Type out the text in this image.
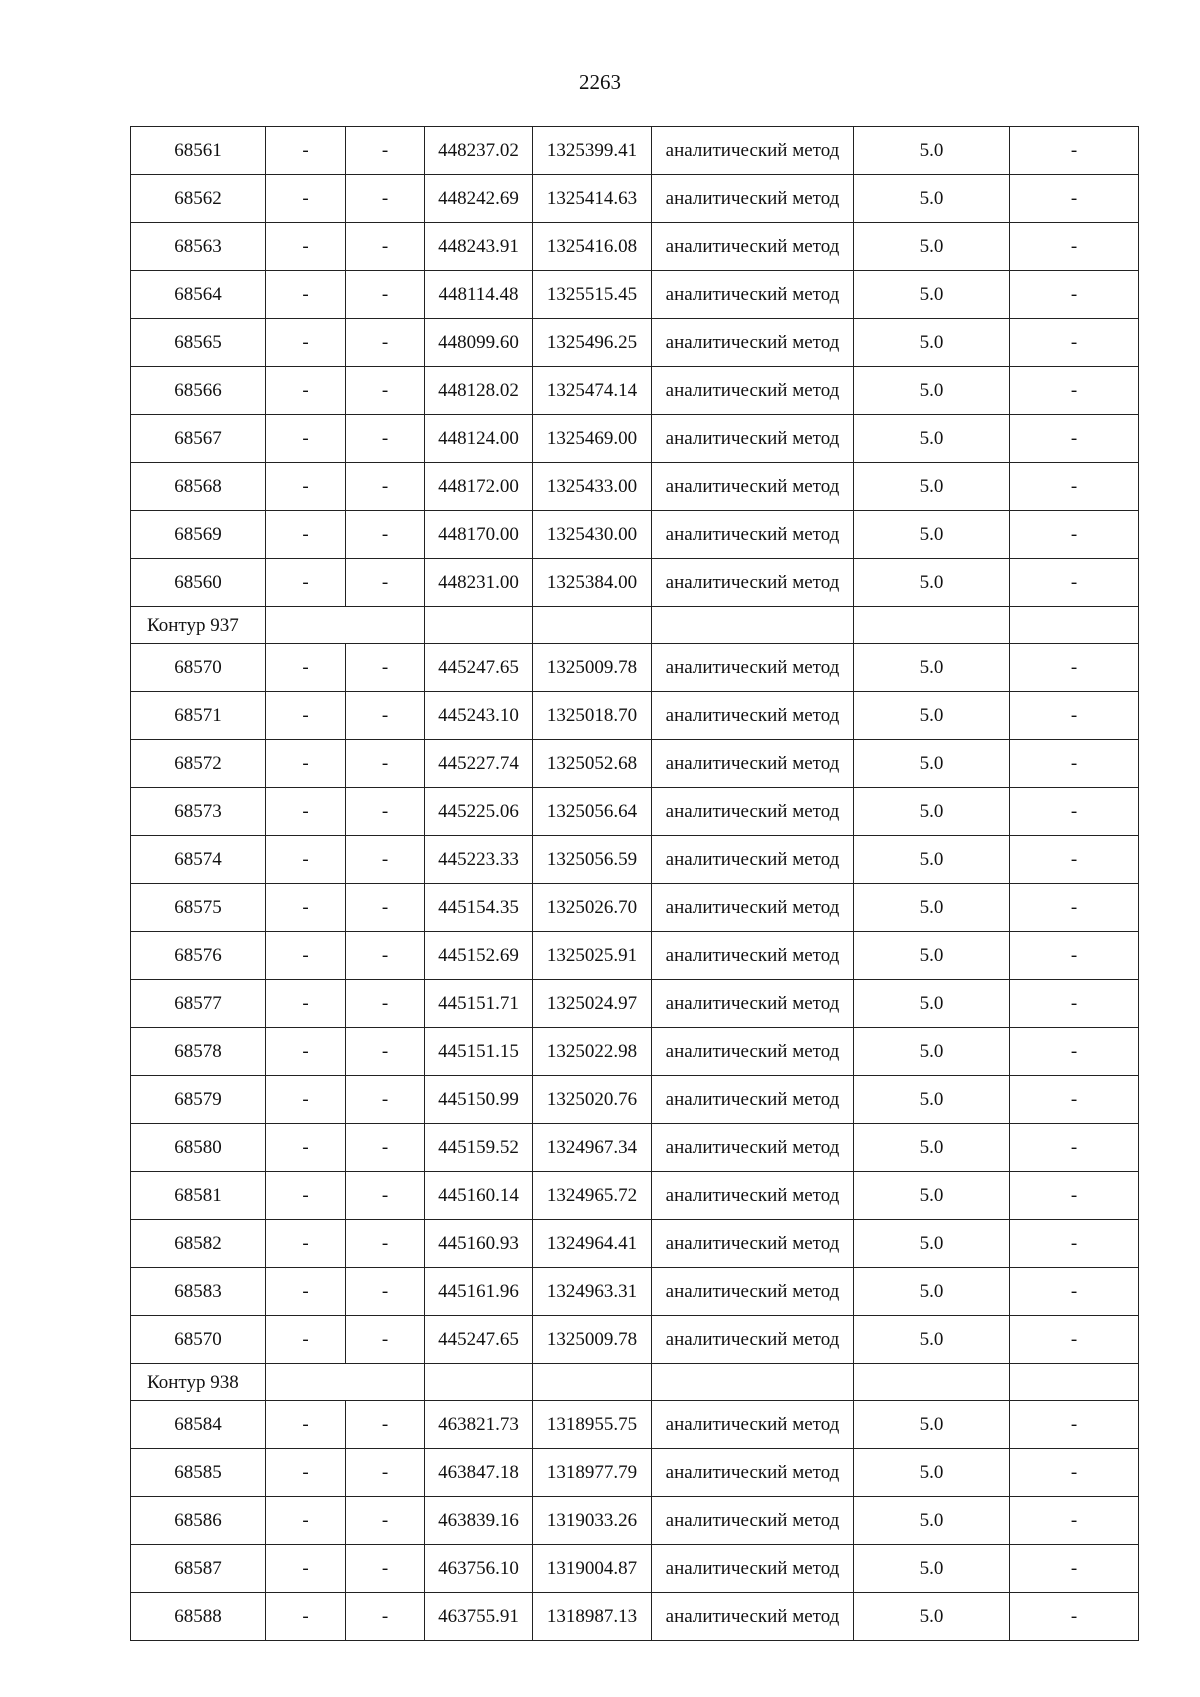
2263
68561	-	-	448237.02	1325399.41	аналитический метод	5.0	-
68562	-	-	448242.69	1325414.63	аналитический метод	5.0	-
68563	-	-	448243.91	1325416.08	аналитический метод	5.0	-
68564	-	-	448114.48	1325515.45	аналитический метод	5.0	-
68565	-	-	448099.60	1325496.25	аналитический метод	5.0	-
68566	-	-	448128.02	1325474.14	аналитический метод	5.0	-
68567	-	-	448124.00	1325469.00	аналитический метод	5.0	-
68568	-	-	448172.00	1325433.00	аналитический метод	5.0	-
68569	-	-	448170.00	1325430.00	аналитический метод	5.0	-
68560	-	-	448231.00	1325384.00	аналитический метод	5.0	-
Контур 937							
68570	-	-	445247.65	1325009.78	аналитический метод	5.0	-
68571	-	-	445243.10	1325018.70	аналитический метод	5.0	-
68572	-	-	445227.74	1325052.68	аналитический метод	5.0	-
68573	-	-	445225.06	1325056.64	аналитический метод	5.0	-
68574	-	-	445223.33	1325056.59	аналитический метод	5.0	-
68575	-	-	445154.35	1325026.70	аналитический метод	5.0	-
68576	-	-	445152.69	1325025.91	аналитический метод	5.0	-
68577	-	-	445151.71	1325024.97	аналитический метод	5.0	-
68578	-	-	445151.15	1325022.98	аналитический метод	5.0	-
68579	-	-	445150.99	1325020.76	аналитический метод	5.0	-
68580	-	-	445159.52	1324967.34	аналитический метод	5.0	-
68581	-	-	445160.14	1324965.72	аналитический метод	5.0	-
68582	-	-	445160.93	1324964.41	аналитический метод	5.0	-
68583	-	-	445161.96	1324963.31	аналитический метод	5.0	-
68570	-	-	445247.65	1325009.78	аналитический метод	5.0	-
Контур 938							
68584	-	-	463821.73	1318955.75	аналитический метод	5.0	-
68585	-	-	463847.18	1318977.79	аналитический метод	5.0	-
68586	-	-	463839.16	1319033.26	аналитический метод	5.0	-
68587	-	-	463756.10	1319004.87	аналитический метод	5.0	-
68588	-	-	463755.91	1318987.13	аналитический метод	5.0	-
